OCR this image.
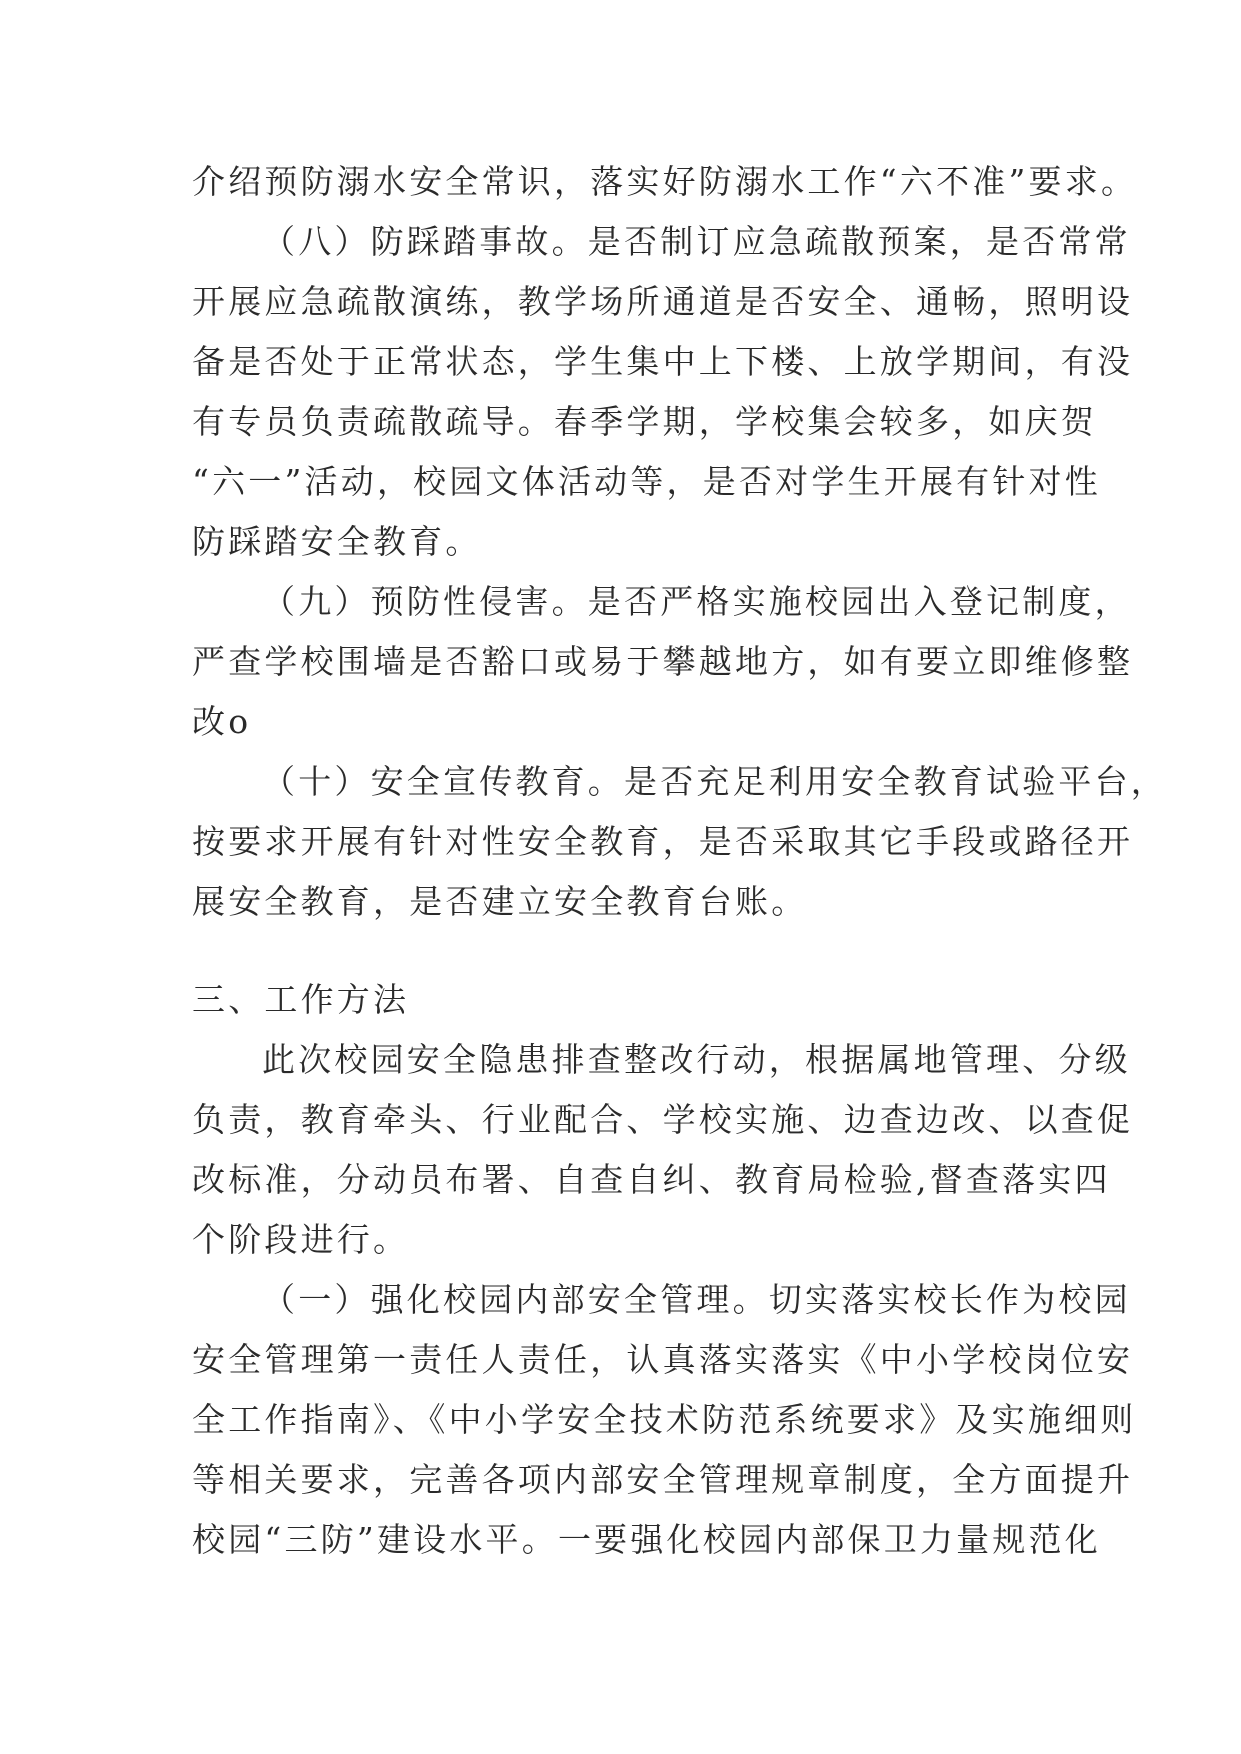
介绍预防溺水安全常识，落实好防溺水工作“六不准”要求。
（八）防踩踏事故。是否制订应急疏散预案，是否常常
开展应急疏散演练，教学场所通道是否安全、通畅，照明设
备是否处于正常状态，学生集中上下楼、上放学期间，有没
有专员负责疏散疏导。春季学期，学校集会较多，如庆贺
“六一”活动，校园文体活动等，是否对学生开展有针对性
防踩踏安全教育。
（九）预防性侵害。是否严格实施校园出入登记制度，
严查学校围墙是否豁口或易于攀越地方，如有要立即维修整
改o
（十）安全宣传教育。是否充足利用安全教育试验平台，
按要求开展有针对性安全教育，是否采取其它手段或路径开
展安全教育，是否建立安全教育台账。
三、工作方法
此次校园安全隐患排查整改行动，根据属地管理、分级
负责，教育牵头、行业配合、学校实施、边查边改、以查促
改标准，分动员布署、自查自纠、教育局检验,督查落实四
个阶段进行。
（一）强化校园内部安全管理。切实落实校长作为校园
安全管理第一责任人责任，认真落实落实《中小学校岗位安
全工作指南》、《中小学安全技术防范系统要求》及实施细则
等相关要求，完善各项内部安全管理规章制度，全方面提升
校园“三防”建设水平。一要强化校园内部保卫力量规范化
